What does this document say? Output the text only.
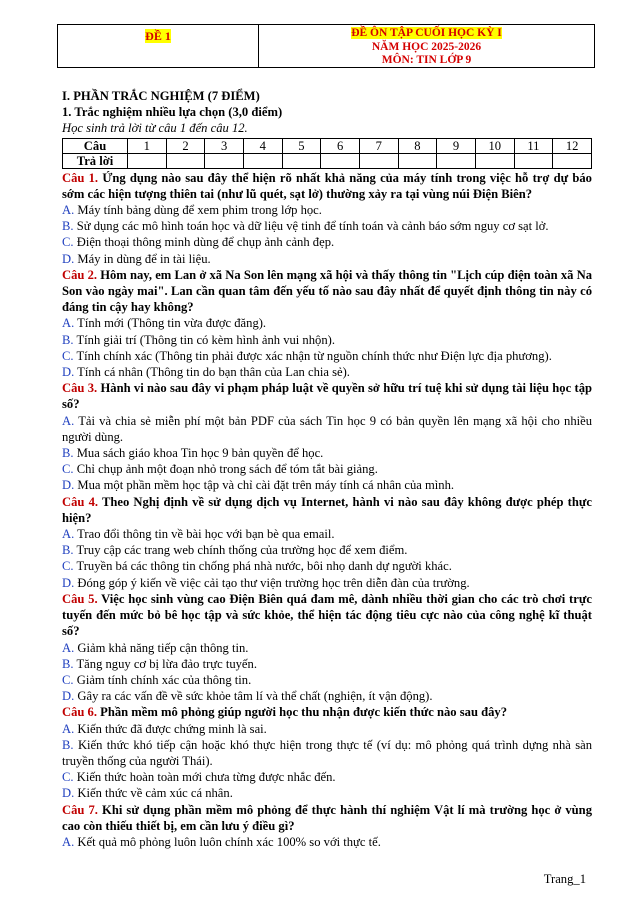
ĐỀ 1	ĐỀ ÔN TẬP CUỐI HỌC KỲ I
NĂM HỌC 2025-2026
MÔN: TIN LỚP 9
I. PHẦN TRẮC NGHIỆM (7 ĐIỂM)
1. Trắc nghiệm nhiều lựa chọn (3,0 điểm)
Học sinh trả lời từ câu 1 đến câu 12.
Câu	1	2	3	4	5	6	7	8	9	10	11	12
Trả lời												
Câu 1. Ứng dụng nào sau đây thể hiện rõ nhất khả năng của máy tính trong việc hỗ trợ dự báo sớm các hiện tượng thiên tai (như lũ quét, sạt lở) thường xảy ra tại vùng núi Điện Biên?
A. Máy tính bảng dùng để xem phim trong lớp học.
B. Sử dụng các mô hình toán học và dữ liệu vệ tinh để tính toán và cảnh báo sớm nguy cơ sạt lở.
C. Điện thoại thông minh dùng để chụp ảnh cảnh đẹp.
D. Máy in dùng để in tài liệu.
Câu 2. Hôm nay, em Lan ở xã Na Son lên mạng xã hội và thấy thông tin "Lịch cúp điện toàn xã Na Son vào ngày mai". Lan cần quan tâm đến yếu tố nào sau đây nhất để quyết định thông tin này có đáng tin cậy hay không?
A. Tính mới (Thông tin vừa được đăng).
B. Tính giải trí (Thông tin có kèm hình ảnh vui nhộn).
C. Tính chính xác (Thông tin phải được xác nhận từ nguồn chính thức như Điện lực địa phương).
D. Tính cá nhân (Thông tin do bạn thân của Lan chia sẻ).
Câu 3. Hành vi nào sau đây vi phạm pháp luật về quyền sở hữu trí tuệ khi sử dụng tài liệu học tập số?
A. Tải và chia sẻ miễn phí một bản PDF của sách Tin học 9 có bản quyền lên mạng xã hội cho nhiều người dùng.
B. Mua sách giáo khoa Tin học 9 bản quyền để học.
C. Chỉ chụp ảnh một đoạn nhỏ trong sách để tóm tắt bài giảng.
D. Mua một phần mềm học tập và chỉ cài đặt trên máy tính cá nhân của mình.
Câu 4. Theo Nghị định về sử dụng dịch vụ Internet, hành vi nào sau đây không được phép thực hiện?
A. Trao đổi thông tin về bài học với bạn bè qua email.
B. Truy cập các trang web chính thống của trường học để xem điểm.
C. Truyền bá các thông tin chống phá nhà nước, bôi nhọ danh dự người khác.
D. Đóng góp ý kiến về việc cải tạo thư viện trường học trên diễn đàn của trường.
Câu 5. Việc học sinh vùng cao Điện Biên quá đam mê, dành nhiều thời gian cho các trò chơi trực tuyến đến mức bỏ bê học tập và sức khỏe, thể hiện tác động tiêu cực nào của công nghệ kĩ thuật số?
A. Giảm khả năng tiếp cận thông tin.
B. Tăng nguy cơ bị lừa đảo trực tuyến.
C. Giảm tính chính xác của thông tin.
D. Gây ra các vấn đề về sức khỏe tâm lí và thể chất (nghiện, ít vận động).
Câu 6. Phần mềm mô phỏng giúp người học thu nhận được kiến thức nào sau đây?
A. Kiến thức đã được chứng minh là sai.
B. Kiến thức khó tiếp cận hoặc khó thực hiện trong thực tế (ví dụ: mô phỏng quá trình dựng nhà sàn truyền thống của người Thái).
C. Kiến thức hoàn toàn mới chưa từng được nhắc đến.
D. Kiến thức về cảm xúc cá nhân.
Câu 7. Khi sử dụng phần mềm mô phỏng để thực hành thí nghiệm Vật lí mà trường học ở vùng cao còn thiếu thiết bị, em cần lưu ý điều gì?
A. Kết quả mô phỏng luôn luôn chính xác 100% so với thực tế.
Trang_1
